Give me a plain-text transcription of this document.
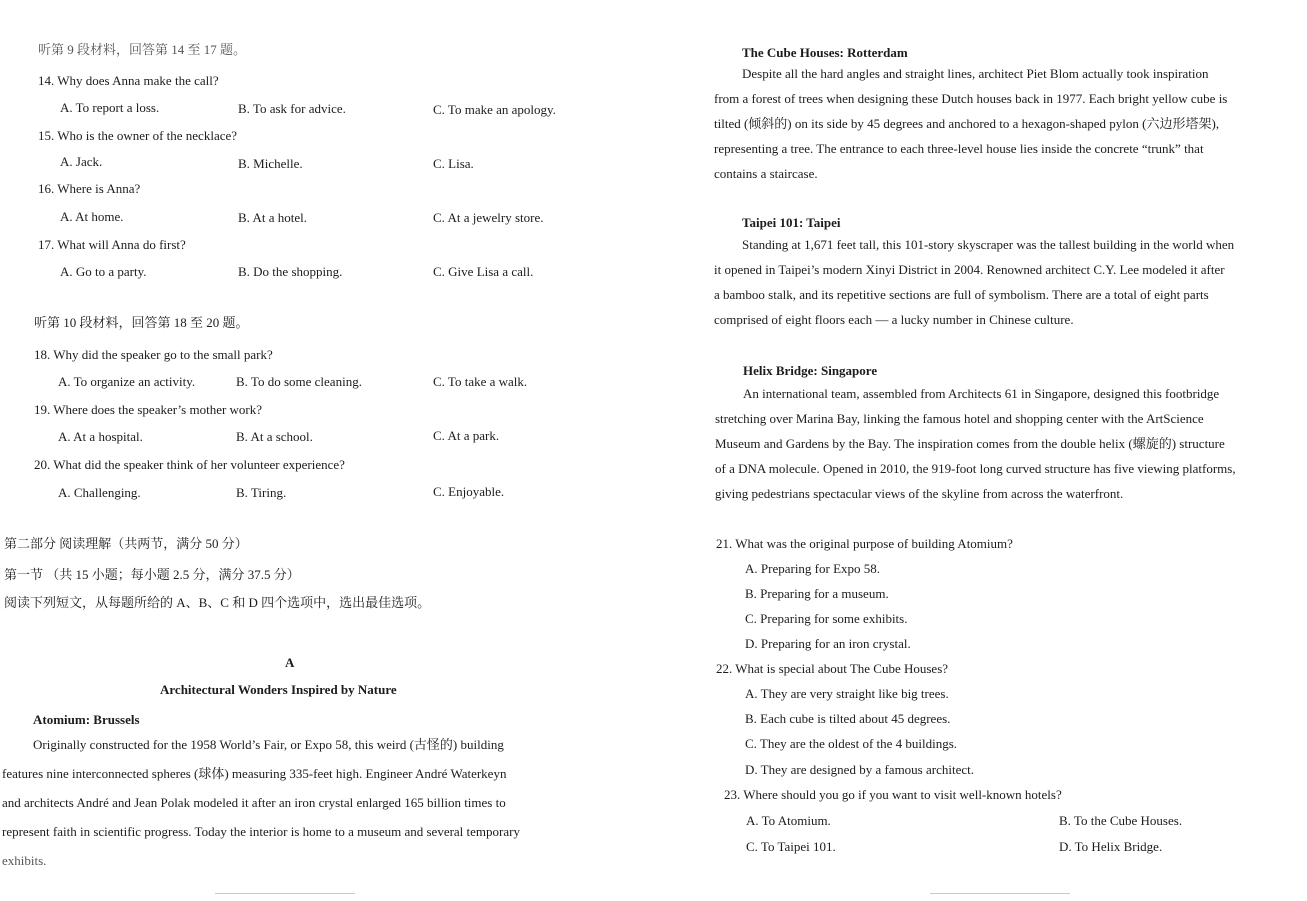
听第 9 段材料，回答第 14 至 17 题。
14. Why does Anna make the call?
A. To report a loss.	B. To ask for advice.	C. To make an apology.
15. Who is the owner of the necklace?
A. Jack.	B. Michelle.	C. Lisa.
16. Where is Anna?
A. At home.	B. At a hotel.	C. At a jewelry store.
17. What will Anna do first?
A. Go to a party.	B. Do the shopping.	C. Give Lisa a call.
听第 10 段材料，回答第 18 至 20 题。
18. Why did the speaker go to the small park?
A. To organize an activity.	B. To do some cleaning.	C. To take a walk.
19. Where does the speaker’s mother work?
A. At a hospital.	B. At a school.	C. At a park.
20. What did the speaker think of her volunteer experience?
A. Challenging.	B. Tiring.	C. Enjoyable.
第二部分 阅读理解（共两节，满分 50 分）
第一节 （共 15 小题；每小题 2.5 分，满分 37.5 分）
阅读下列短文，从每题所给的 A、B、C 和 D 四个选项中，选出最佳选项。
A
Architectural Wonders Inspired by Nature
Atomium: Brussels
Originally constructed for the 1958 World’s Fair, or Expo 58, this weird (古怪的) building
features nine interconnected spheres (球体) measuring 335-feet high. Engineer André Waterkeyn
and architects André and Jean Polak modeled it after an iron crystal enlarged 165 billion times to
represent faith in scientific progress. Today the interior is home to a museum and several temporary
exhibits.
The Cube Houses: Rotterdam
Despite all the hard angles and straight lines, architect Piet Blom actually took inspiration
from a forest of trees when designing these Dutch houses back in 1977. Each bright yellow cube is
tilted (倾斜的) on its side by 45 degrees and anchored to a hexagon-shaped pylon (六边形塔架),
representing a tree. The entrance to each three-level house lies inside the concrete “trunk” that
contains a staircase.
Taipei 101: Taipei
Standing at 1,671 feet tall, this 101-story skyscraper was the tallest building in the world when
it opened in Taipei’s modern Xinyi District in 2004. Renowned architect C.Y. Lee modeled it after
a bamboo stalk, and its repetitive sections are full of symbolism. There are a total of eight parts
comprised of eight floors each — a lucky number in Chinese culture.
Helix Bridge: Singapore
An international team, assembled from Architects 61 in Singapore, designed this footbridge
stretching over Marina Bay, linking the famous hotel and shopping center with the ArtScience
Museum and Gardens by the Bay. The inspiration comes from the double helix (螺旋的) structure
of a DNA molecule. Opened in 2010, the 919-foot long curved structure has five viewing platforms,
giving pedestrians spectacular views of the skyline from across the waterfront.
21. What was the original purpose of building Atomium?
A. Preparing for Expo 58.
B. Preparing for a museum.
C. Preparing for some exhibits.
D. Preparing for an iron crystal.
22. What is special about The Cube Houses?
A. They are very straight like big trees.
B. Each cube is tilted about 45 degrees.
C. They are the oldest of the 4 buildings.
D. They are designed by a famous architect.
23. Where should you go if you want to visit well-known hotels?
A. To Atomium.	B. To the Cube Houses.
C. To Taipei 101.	D. To Helix Bridge.
